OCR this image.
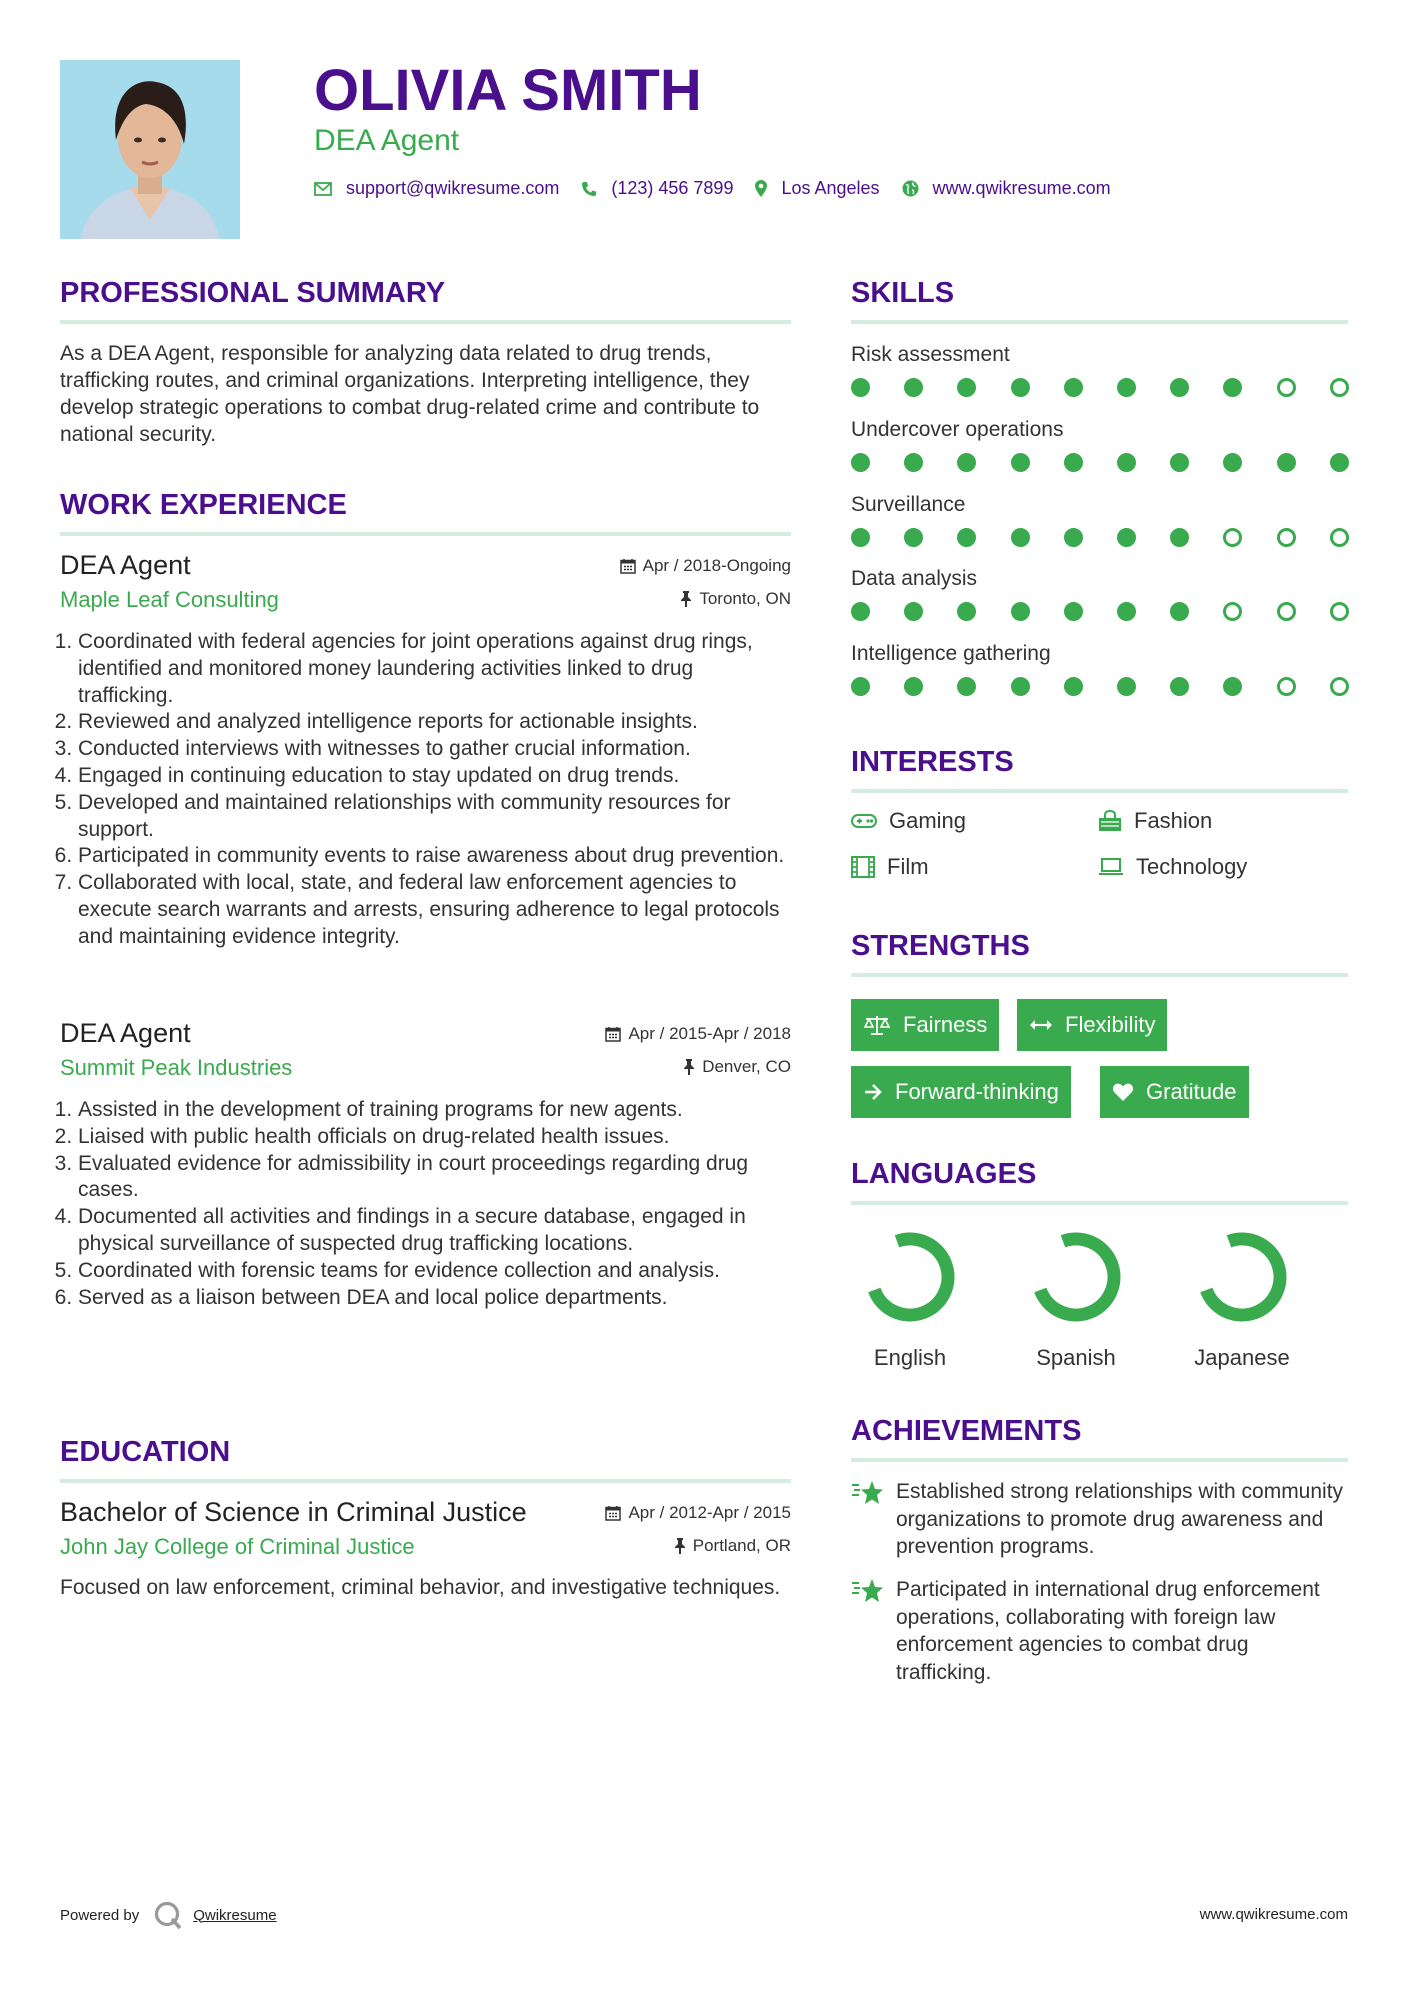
OLIVIA SMITH
DEA Agent
support@qwikresume.com	(123) 456 7899	Los Angeles	www.qwikresume.com
PROFESSIONAL SUMMARY
As a DEA Agent, responsible for analyzing data related to drug trends, trafficking routes, and criminal organizations. Interpreting intelligence, they develop strategic operations to combat drug-related crime and contribute to national security.
WORK EXPERIENCE
DEA Agent	Apr / 2018-Ongoing
Maple Leaf Consulting	Toronto, ON
1. Coordinated with federal agencies for joint operations against drug rings, identified and monitored money laundering activities linked to drug trafficking.
2. Reviewed and analyzed intelligence reports for actionable insights.
3. Conducted interviews with witnesses to gather crucial information.
4. Engaged in continuing education to stay updated on drug trends.
5. Developed and maintained relationships with community resources for support.
6. Participated in community events to raise awareness about drug prevention.
7. Collaborated with local, state, and federal law enforcement agencies to execute search warrants and arrests, ensuring adherence to legal protocols and maintaining evidence integrity.
DEA Agent	Apr / 2015-Apr / 2018
Summit Peak Industries	Denver, CO
1. Assisted in the development of training programs for new agents.
2. Liaised with public health officials on drug-related health issues.
3. Evaluated evidence for admissibility in court proceedings regarding drug cases.
4. Documented all activities and findings in a secure database, engaged in physical surveillance of suspected drug trafficking locations.
5. Coordinated with forensic teams for evidence collection and analysis.
6. Served as a liaison between DEA and local police departments.
EDUCATION
Bachelor of Science in Criminal Justice	Apr / 2012-Apr / 2015
John Jay College of Criminal Justice	Portland, OR
Focused on law enforcement, criminal behavior, and investigative techniques.
SKILLS
Risk assessment
Undercover operations
Surveillance
Data analysis
Intelligence gathering
INTERESTS
Gaming	Fashion
Film	Technology
STRENGTHS
Fairness	Flexibility
Forward-thinking	Gratitude
LANGUAGES
English	Spanish	Japanese
ACHIEVEMENTS
Established strong relationships with community organizations to promote drug awareness and prevention programs.
Participated in international drug enforcement operations, collaborating with foreign law enforcement agencies to combat drug trafficking.
Powered by	Qwikresume	www.qwikresume.com
